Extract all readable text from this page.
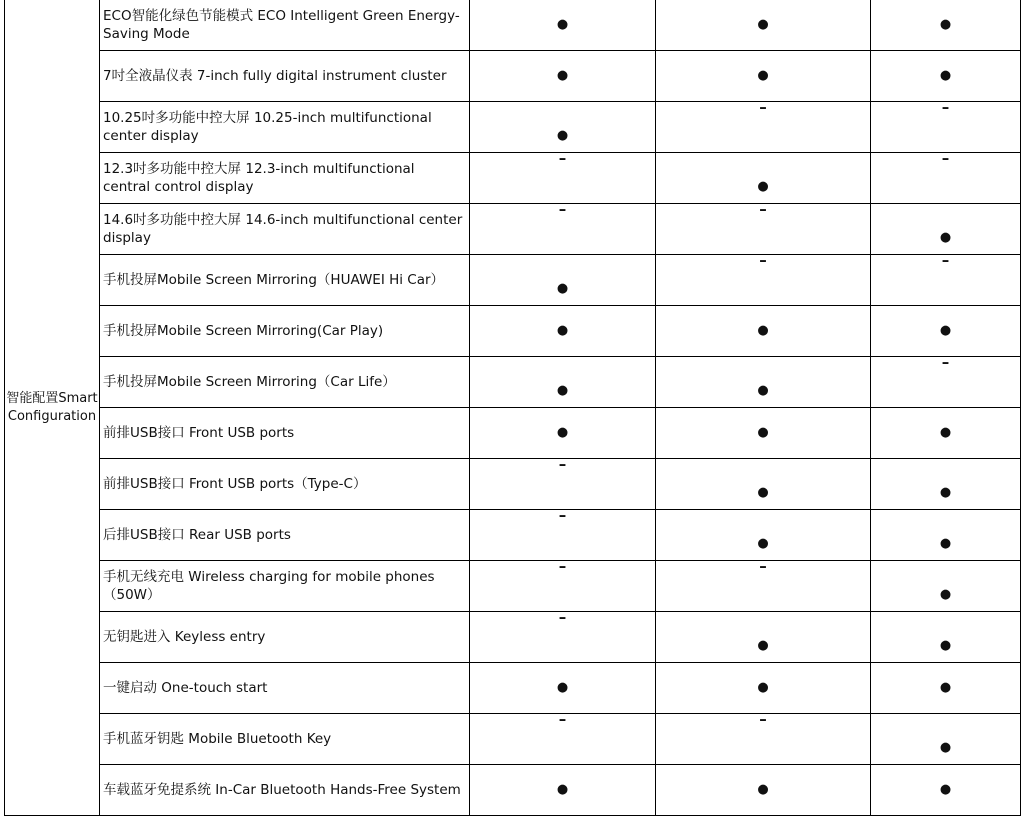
智能配置Smart Configuration	ECO智能化绿色节能模式 ECO Intelligent Green Energy-Saving Mode	●	●	●

	7吋全液晶仪表 7-inch fully digital instrument cluster	●	●	●

	10.25吋多功能中控大屏 10.25-inch multifunctional center display	●	–	–

	12.3吋多功能中控大屏 12.3-inch multifunctional central control display	–	●	–

	14.6吋多功能中控大屏 14.6-inch multifunctional center display	–	–	●

	手机投屏Mobile Screen Mirroring（HUAWEI Hi Car）	●	–	–

	手机投屏Mobile Screen Mirroring(Car Play)	●	●	●

	手机投屏Mobile Screen Mirroring（Car Life）	●	●	–

	前排USB接口 Front USB ports	●	●	●

	前排USB接口 Front USB ports（Type-C）	–	●	●

	后排USB接口 Rear USB ports	–	●	●

	手机无线充电 Wireless charging for mobile phones（50W）	–	–	●

	无钥匙进入 Keyless entry	–	●	●

	一键启动 One-touch start	●	●	●

	手机蓝牙钥匙 Mobile Bluetooth Key	–	–	●

	车载蓝牙免提系统 In-Car Bluetooth Hands-Free System	●	●	●
